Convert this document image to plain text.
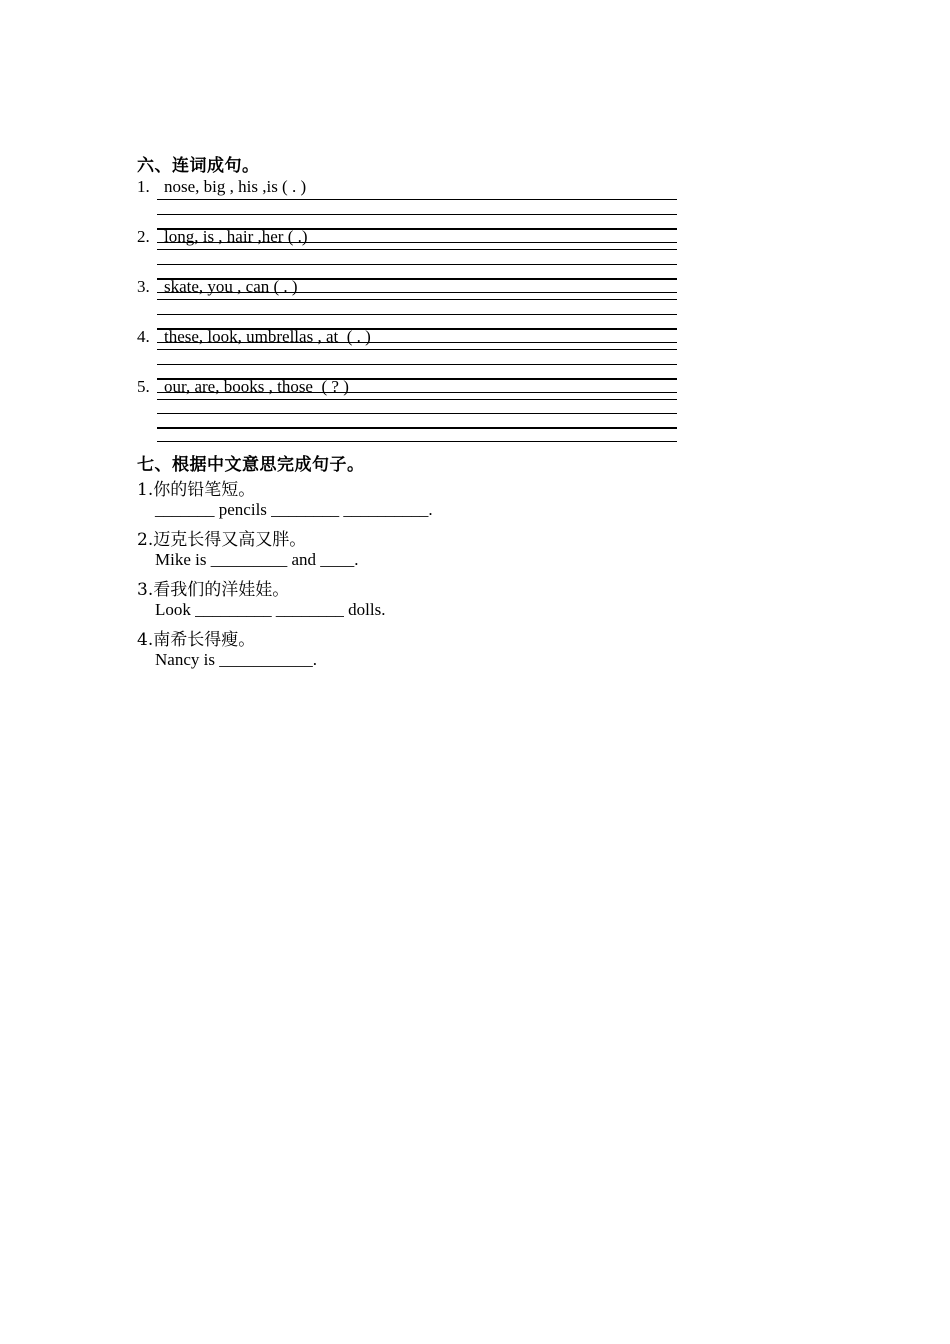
六、连词成句。
1. nose, big , his ,is ( . )
2. long, is , hair ,her ( .)
3. skate, you , can ( . )
4. these, look, umbrellas , at  ( . )
5. our, are, books , those  ( ? )
七、根据中文意思完成句子。
1.你的铅笔短。
_______ pencils ________ __________.
2.迈克长得又高又胖。
Mike is _________ and ____.
3.看我们的洋娃娃。
Look _________ ________ dolls.
4.南希长得瘦。
Nancy is ___________.
